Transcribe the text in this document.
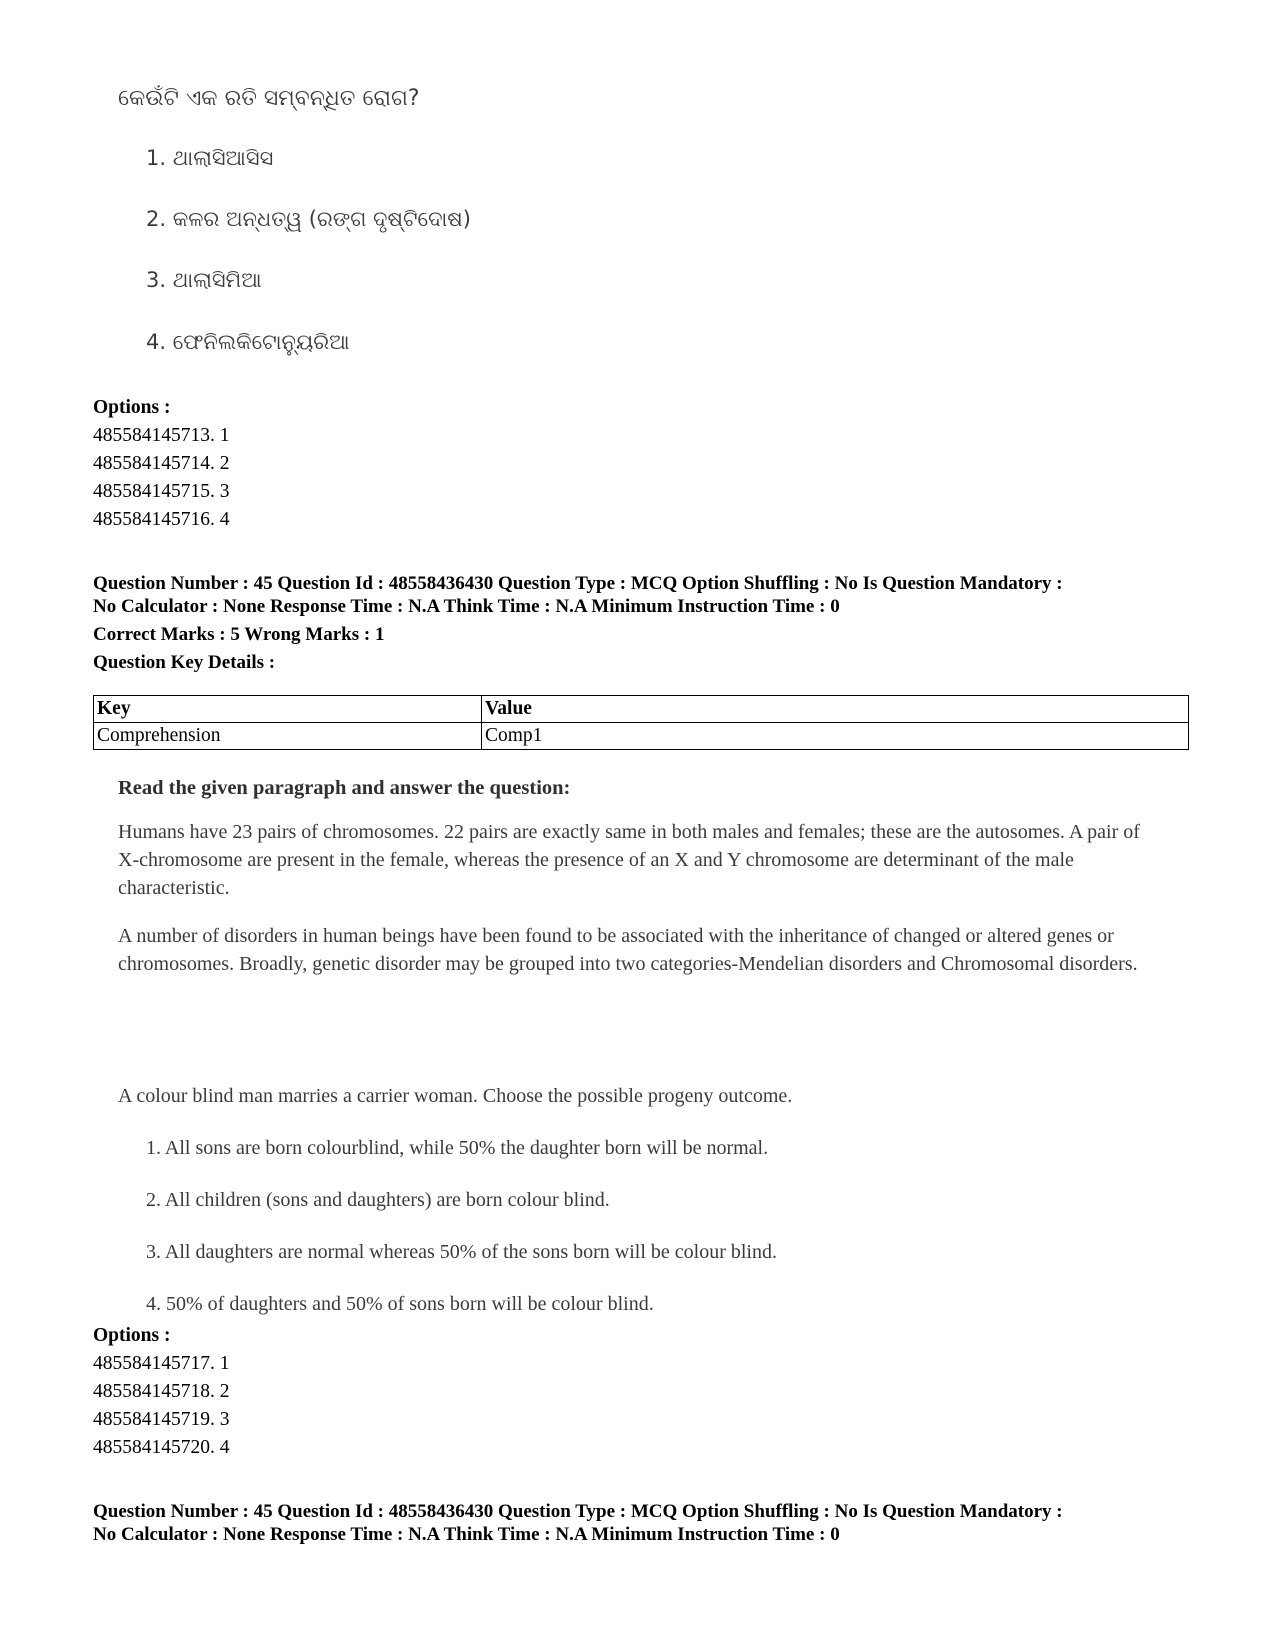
କେଉଁଟି ଏକ ରତି ସମ୍ବନ୍ଧିତ ରୋଗ?
1. ଥାଲାସିଆସିସ
2. କଳର ଅନ୍ଧତ୍ୱ (ରଙ୍ଗ ଦୃଷ୍ଟିଦୋଷ)
3. ଥାଲାସିମିଆ
4. ଫେନିଲକିଟୋନ୍ୟୁରିଆ
Options :
485584145713. 1
485584145714. 2
485584145715. 3
485584145716. 4
Question Number : 45 Question Id : 48558436430 Question Type : MCQ Option Shuffling : No Is Question Mandatory :
No Calculator : None Response Time : N.A Think Time : N.A Minimum Instruction Time : 0
Correct Marks : 5 Wrong Marks : 1
Question Key Details :
Key	Value
Comprehension	Comp1
Read the given paragraph and answer the question:

Humans have 23 pairs of chromosomes. 22 pairs are exactly same in both males and females; these are the autosomes. A pair of X-chromosome are present in the female, whereas the presence of an X and Y chromosome are determinant of the male characteristic.

A number of disorders in human beings have been found to be associated with the inheritance of changed or altered genes or chromosomes. Broadly, genetic disorder may be grouped into two categories-Mendelian disorders and Chromosomal disorders.

A colour blind man marries a carrier woman. Choose the possible progeny outcome.
1. All sons are born colourblind, while 50% the daughter born will be normal.
2. All children (sons and daughters) are born colour blind.
3. All daughters are normal whereas 50% of the sons born will be colour blind.
4. 50% of daughters and 50% of sons born will be colour blind.
Options :
485584145717. 1
485584145718. 2
485584145719. 3
485584145720. 4
Question Number : 45 Question Id : 48558436430 Question Type : MCQ Option Shuffling : No Is Question Mandatory :
No Calculator : None Response Time : N.A Think Time : N.A Minimum Instruction Time : 0
